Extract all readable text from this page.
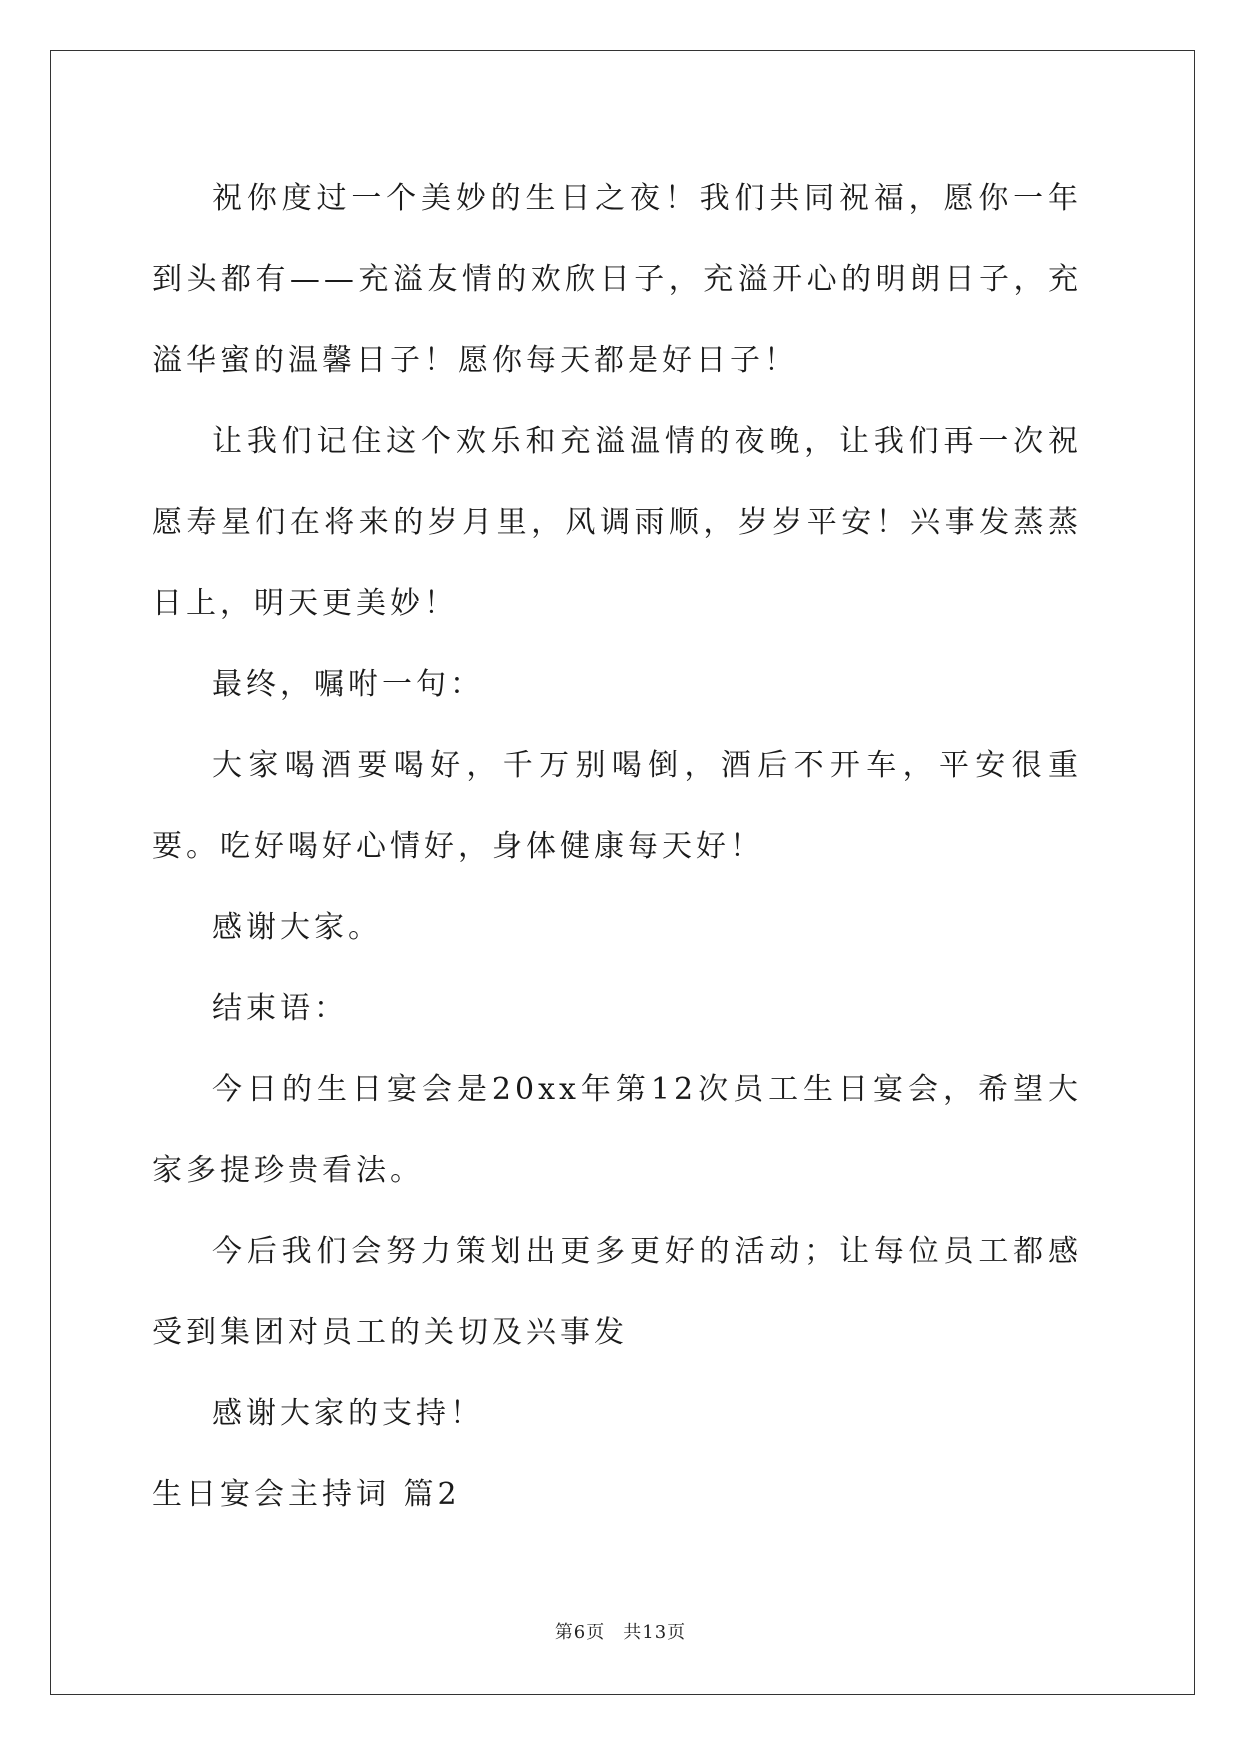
祝你度过一个美妙的生日之夜！我们共同祝福，愿你一年到头都有——充溢友情的欢欣日子，充溢开心的明朗日子，充溢华蜜的温馨日子！愿你每天都是好日子！

让我们记住这个欢乐和充溢温情的夜晚，让我们再一次祝愿寿星们在将来的岁月里，风调雨顺，岁岁平安！兴事发蒸蒸日上，明天更美妙！

最终，嘱咐一句：

大家喝酒要喝好，千万别喝倒，酒后不开车，平安很重要。吃好喝好心情好，身体健康每天好！

感谢大家。

结束语：

今日的生日宴会是20xx年第12次员工生日宴会，希望大家多提珍贵看法。

今后我们会努力策划出更多更好的活动；让每位员工都感受到集团对员工的关切及兴事发

感谢大家的支持！

生日宴会主持词 篇2

第6页 共13页
